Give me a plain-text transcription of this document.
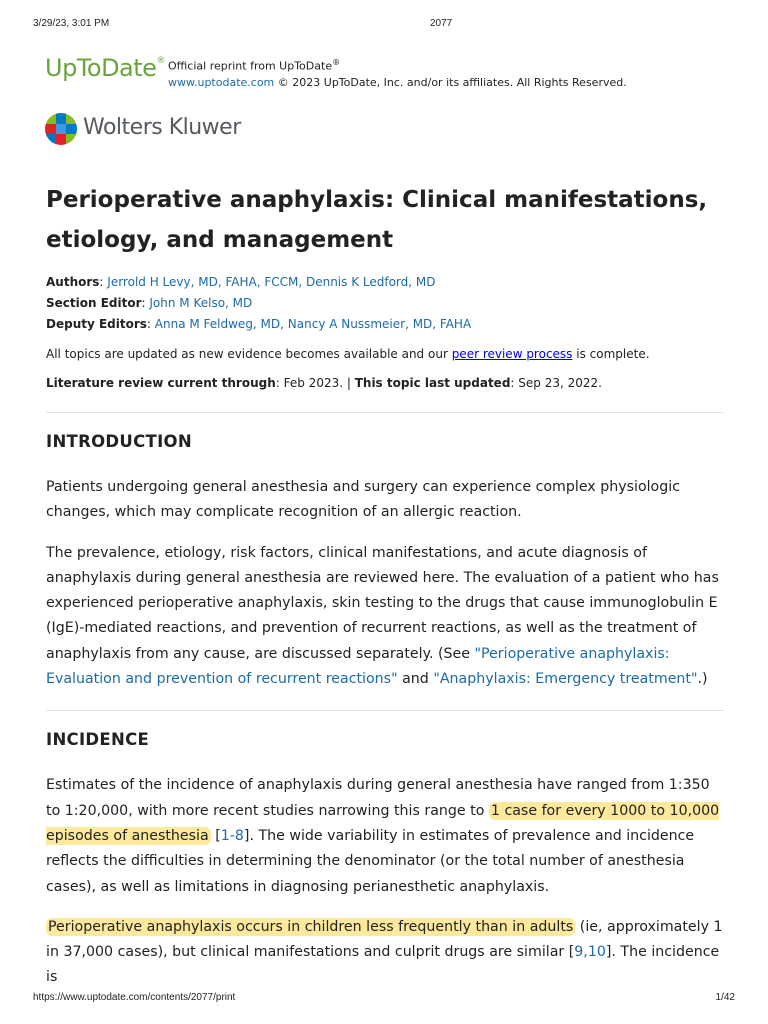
3/29/23, 3:01 PM	2077
UpToDate® Official reprint from UpToDate®
www.uptodate.com © 2023 UpToDate, Inc. and/or its affiliates. All Rights Reserved.
Wolters Kluwer
Perioperative anaphylaxis: Clinical manifestations, etiology, and management
Authors: Jerrold H Levy, MD, FAHA, FCCM, Dennis K Ledford, MD
Section Editor: John M Kelso, MD
Deputy Editors: Anna M Feldweg, MD, Nancy A Nussmeier, MD, FAHA
All topics are updated as new evidence becomes available and our peer review process is complete.
Literature review current through: Feb 2023. | This topic last updated: Sep 23, 2022.
INTRODUCTION

Patients undergoing general anesthesia and surgery can experience complex physiologic changes, which may complicate recognition of an allergic reaction.

The prevalence, etiology, risk factors, clinical manifestations, and acute diagnosis of anaphylaxis during general anesthesia are reviewed here. The evaluation of a patient who has experienced perioperative anaphylaxis, skin testing to the drugs that cause immunoglobulin E (IgE)-mediated reactions, and prevention of recurrent reactions, as well as the treatment of anaphylaxis from any cause, are discussed separately. (See "Perioperative anaphylaxis: Evaluation and prevention of recurrent reactions" and "Anaphylaxis: Emergency treatment".)

INCIDENCE

Estimates of the incidence of anaphylaxis during general anesthesia have ranged from 1:350 to 1:20,000, with more recent studies narrowing this range to 1 case for every 1000 to 10,000 episodes of anesthesia [1-8]. The wide variability in estimates of prevalence and incidence reflects the difficulties in determining the denominator (or the total number of anesthesia cases), as well as limitations in diagnosing perianesthetic anaphylaxis.

Perioperative anaphylaxis occurs in children less frequently than in adults (ie, approximately 1 in 37,000 cases), but clinical manifestations and culprit drugs are similar [9,10]. The incidence is

https://www.uptodate.com/contents/2077/print	1/42
